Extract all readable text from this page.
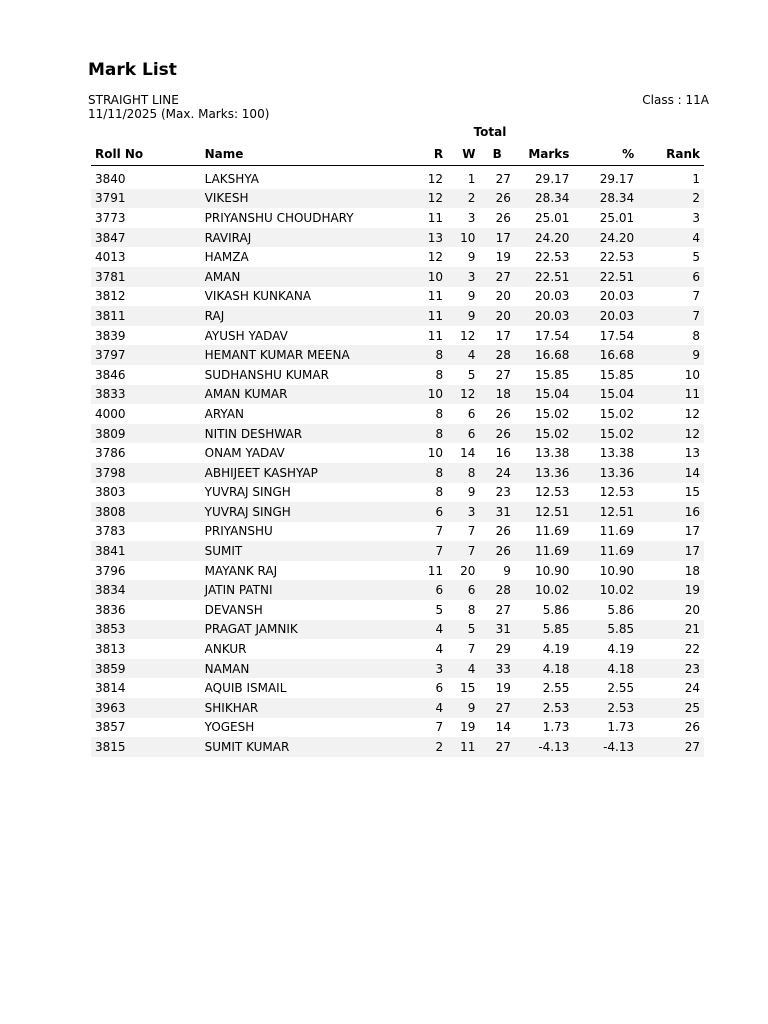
Mark List
STRAIGHT LINE
11/11/2025 (Max. Marks: 100)
Class : 11A
Total
Roll No	Name	R	W	B	Marks	%	Rank
3840	LAKSHYA	12	1	27	29.17	29.17	1
3791	VIKESH	12	2	26	28.34	28.34	2
3773	PRIYANSHU CHOUDHARY	11	3	26	25.01	25.01	3
3847	RAVIRAJ	13	10	17	24.20	24.20	4
4013	HAMZA	12	9	19	22.53	22.53	5
3781	AMAN	10	3	27	22.51	22.51	6
3812	VIKASH KUNKANA	11	9	20	20.03	20.03	7
3811	RAJ	11	9	20	20.03	20.03	7
3839	AYUSH YADAV	11	12	17	17.54	17.54	8
3797	HEMANT KUMAR MEENA	8	4	28	16.68	16.68	9
3846	SUDHANSHU KUMAR	8	5	27	15.85	15.85	10
3833	AMAN KUMAR	10	12	18	15.04	15.04	11
4000	ARYAN	8	6	26	15.02	15.02	12
3809	NITIN DESHWAR	8	6	26	15.02	15.02	12
3786	ONAM YADAV	10	14	16	13.38	13.38	13
3798	ABHIJEET KASHYAP	8	8	24	13.36	13.36	14
3803	YUVRAJ SINGH	8	9	23	12.53	12.53	15
3808	YUVRAJ SINGH	6	3	31	12.51	12.51	16
3783	PRIYANSHU	7	7	26	11.69	11.69	17
3841	SUMIT	7	7	26	11.69	11.69	17
3796	MAYANK RAJ	11	20	9	10.90	10.90	18
3834	JATIN PATNI	6	6	28	10.02	10.02	19
3836	DEVANSH	5	8	27	5.86	5.86	20
3853	PRAGAT JAMNIK	4	5	31	5.85	5.85	21
3813	ANKUR	4	7	29	4.19	4.19	22
3859	NAMAN	3	4	33	4.18	4.18	23
3814	AQUIB ISMAIL	6	15	19	2.55	2.55	24
3963	SHIKHAR	4	9	27	2.53	2.53	25
3857	YOGESH	7	19	14	1.73	1.73	26
3815	SUMIT KUMAR	2	11	27	-4.13	-4.13	27
